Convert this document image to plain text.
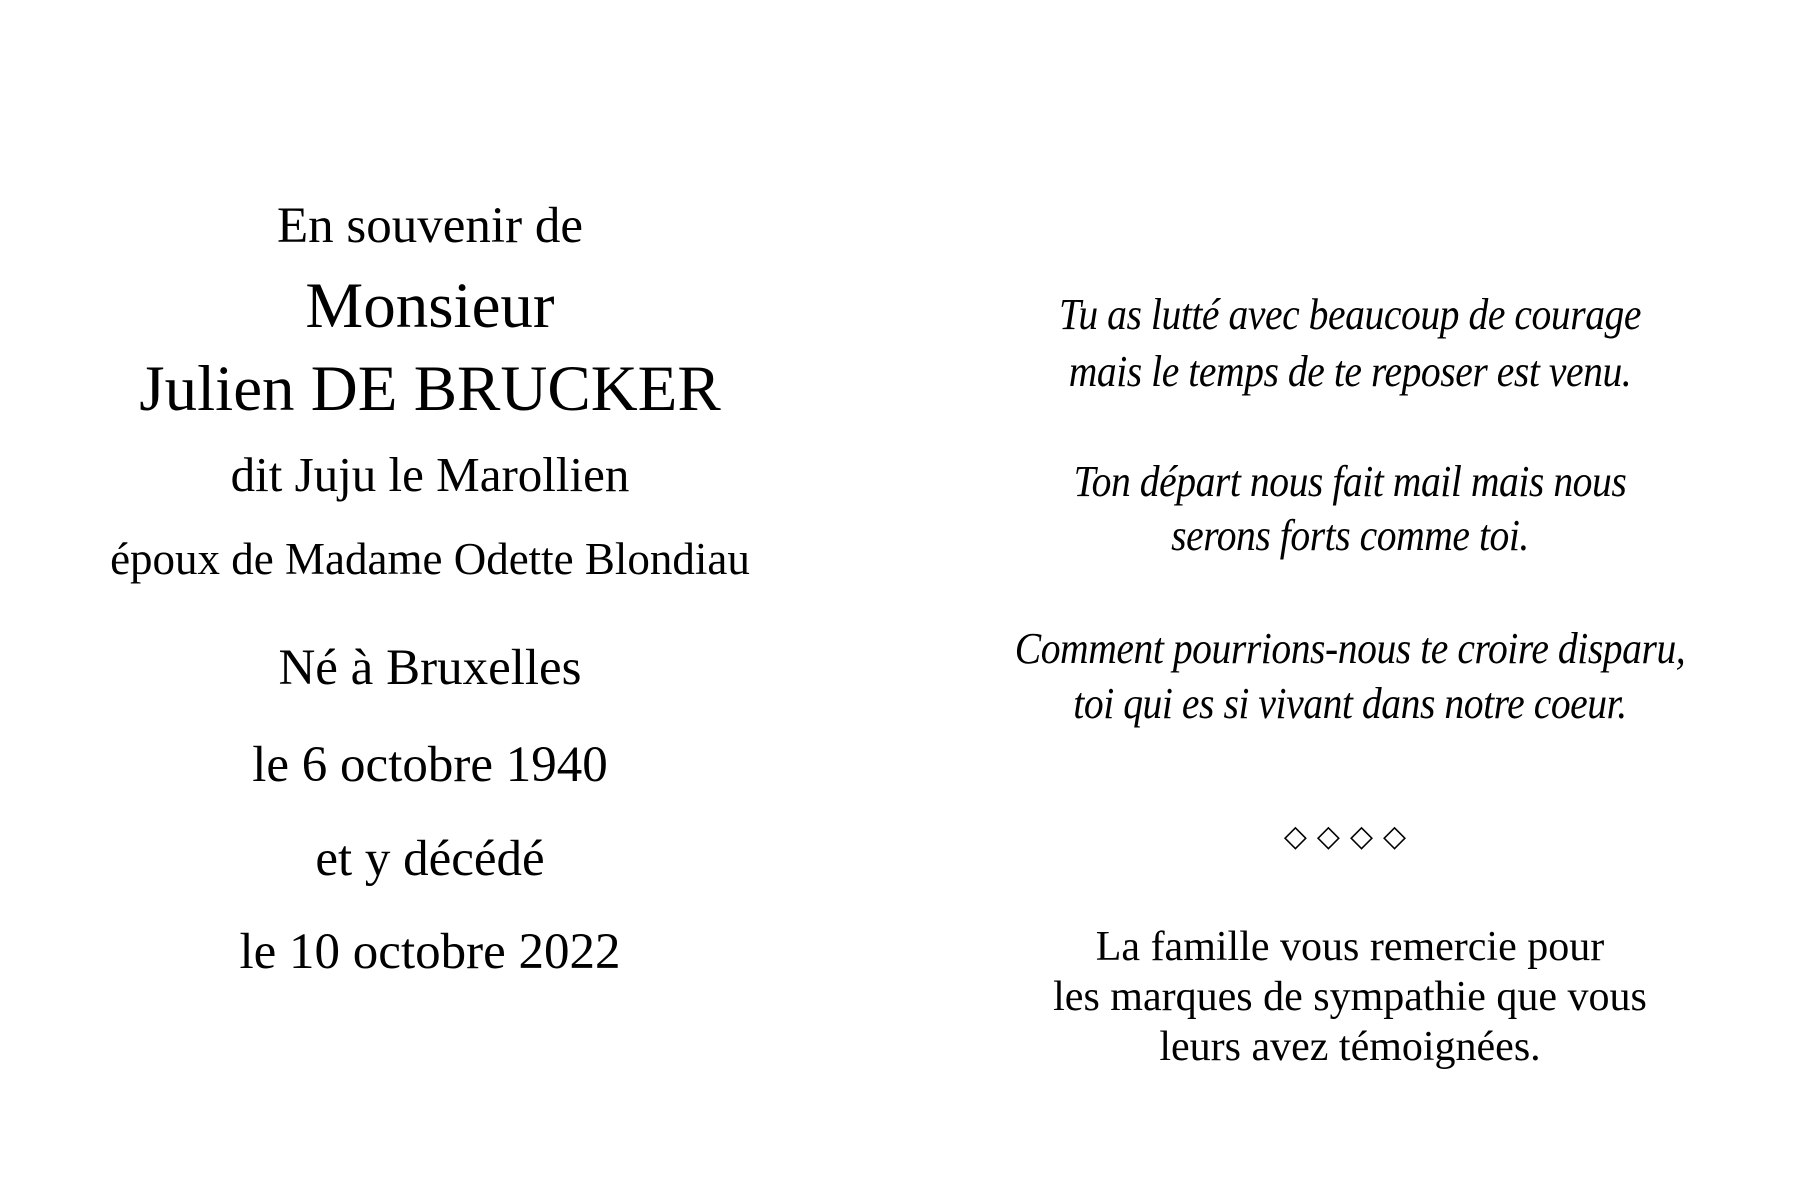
En souvenir de
Monsieur
Julien DE BRUCKER
dit Juju le Marollien
époux de Madame Odette Blondiau
Né à Bruxelles
le 6 octobre 1940
et y décédé
le 10 octobre 2022
Tu as lutté avec beaucoup de courage
mais le temps de te reposer est venu.
Ton départ nous fait mail mais nous
serons forts comme toi.
Comment pourrions-nous te croire disparu,
toi qui es si vivant dans notre coeur.
◇◇◇◇
La famille vous remercie pour
les marques de sympathie que vous
leurs avez témoignées.
